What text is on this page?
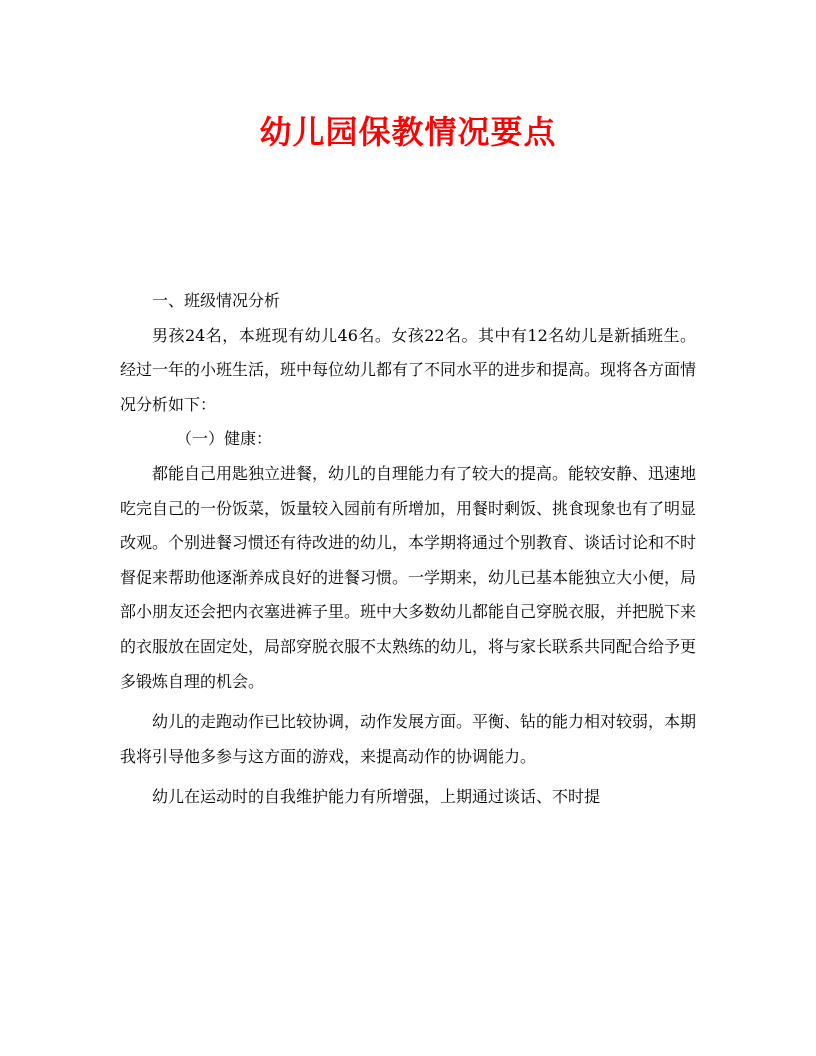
幼儿园保教情况要点

一、班级情况分析

男孩24名，本班现有幼儿46名。女孩22名。其中有12名幼儿是新插班生。经过一年的小班生活，班中每位幼儿都有了不同水平的进步和提高。现将各方面情况分析如下：

（一）健康：

都能自己用匙独立进餐，幼儿的自理能力有了较大的提高。能较安静、迅速地吃完自己的一份饭菜，饭量较入园前有所增加，用餐时剩饭、挑食现象也有了明显改观。个别进餐习惯还有待改进的幼儿，本学期将通过个别教育、谈话讨论和不时督促来帮助他逐渐养成良好的进餐习惯。一学期来，幼儿已基本能独立大小便，局部小朋友还会把内衣塞进裤子里。班中大多数幼儿都能自己穿脱衣服，并把脱下来的衣服放在固定处，局部穿脱衣服不太熟练的幼儿，将与家长联系共同配合给予更多锻炼自理的机会。

幼儿的走跑动作已比较协调，动作发展方面。平衡、钻的能力相对较弱，本期我将引导他多参与这方面的游戏，来提高动作的协调能力。

幼儿在运动时的自我维护能力有所增强，上期通过谈话、不时提
